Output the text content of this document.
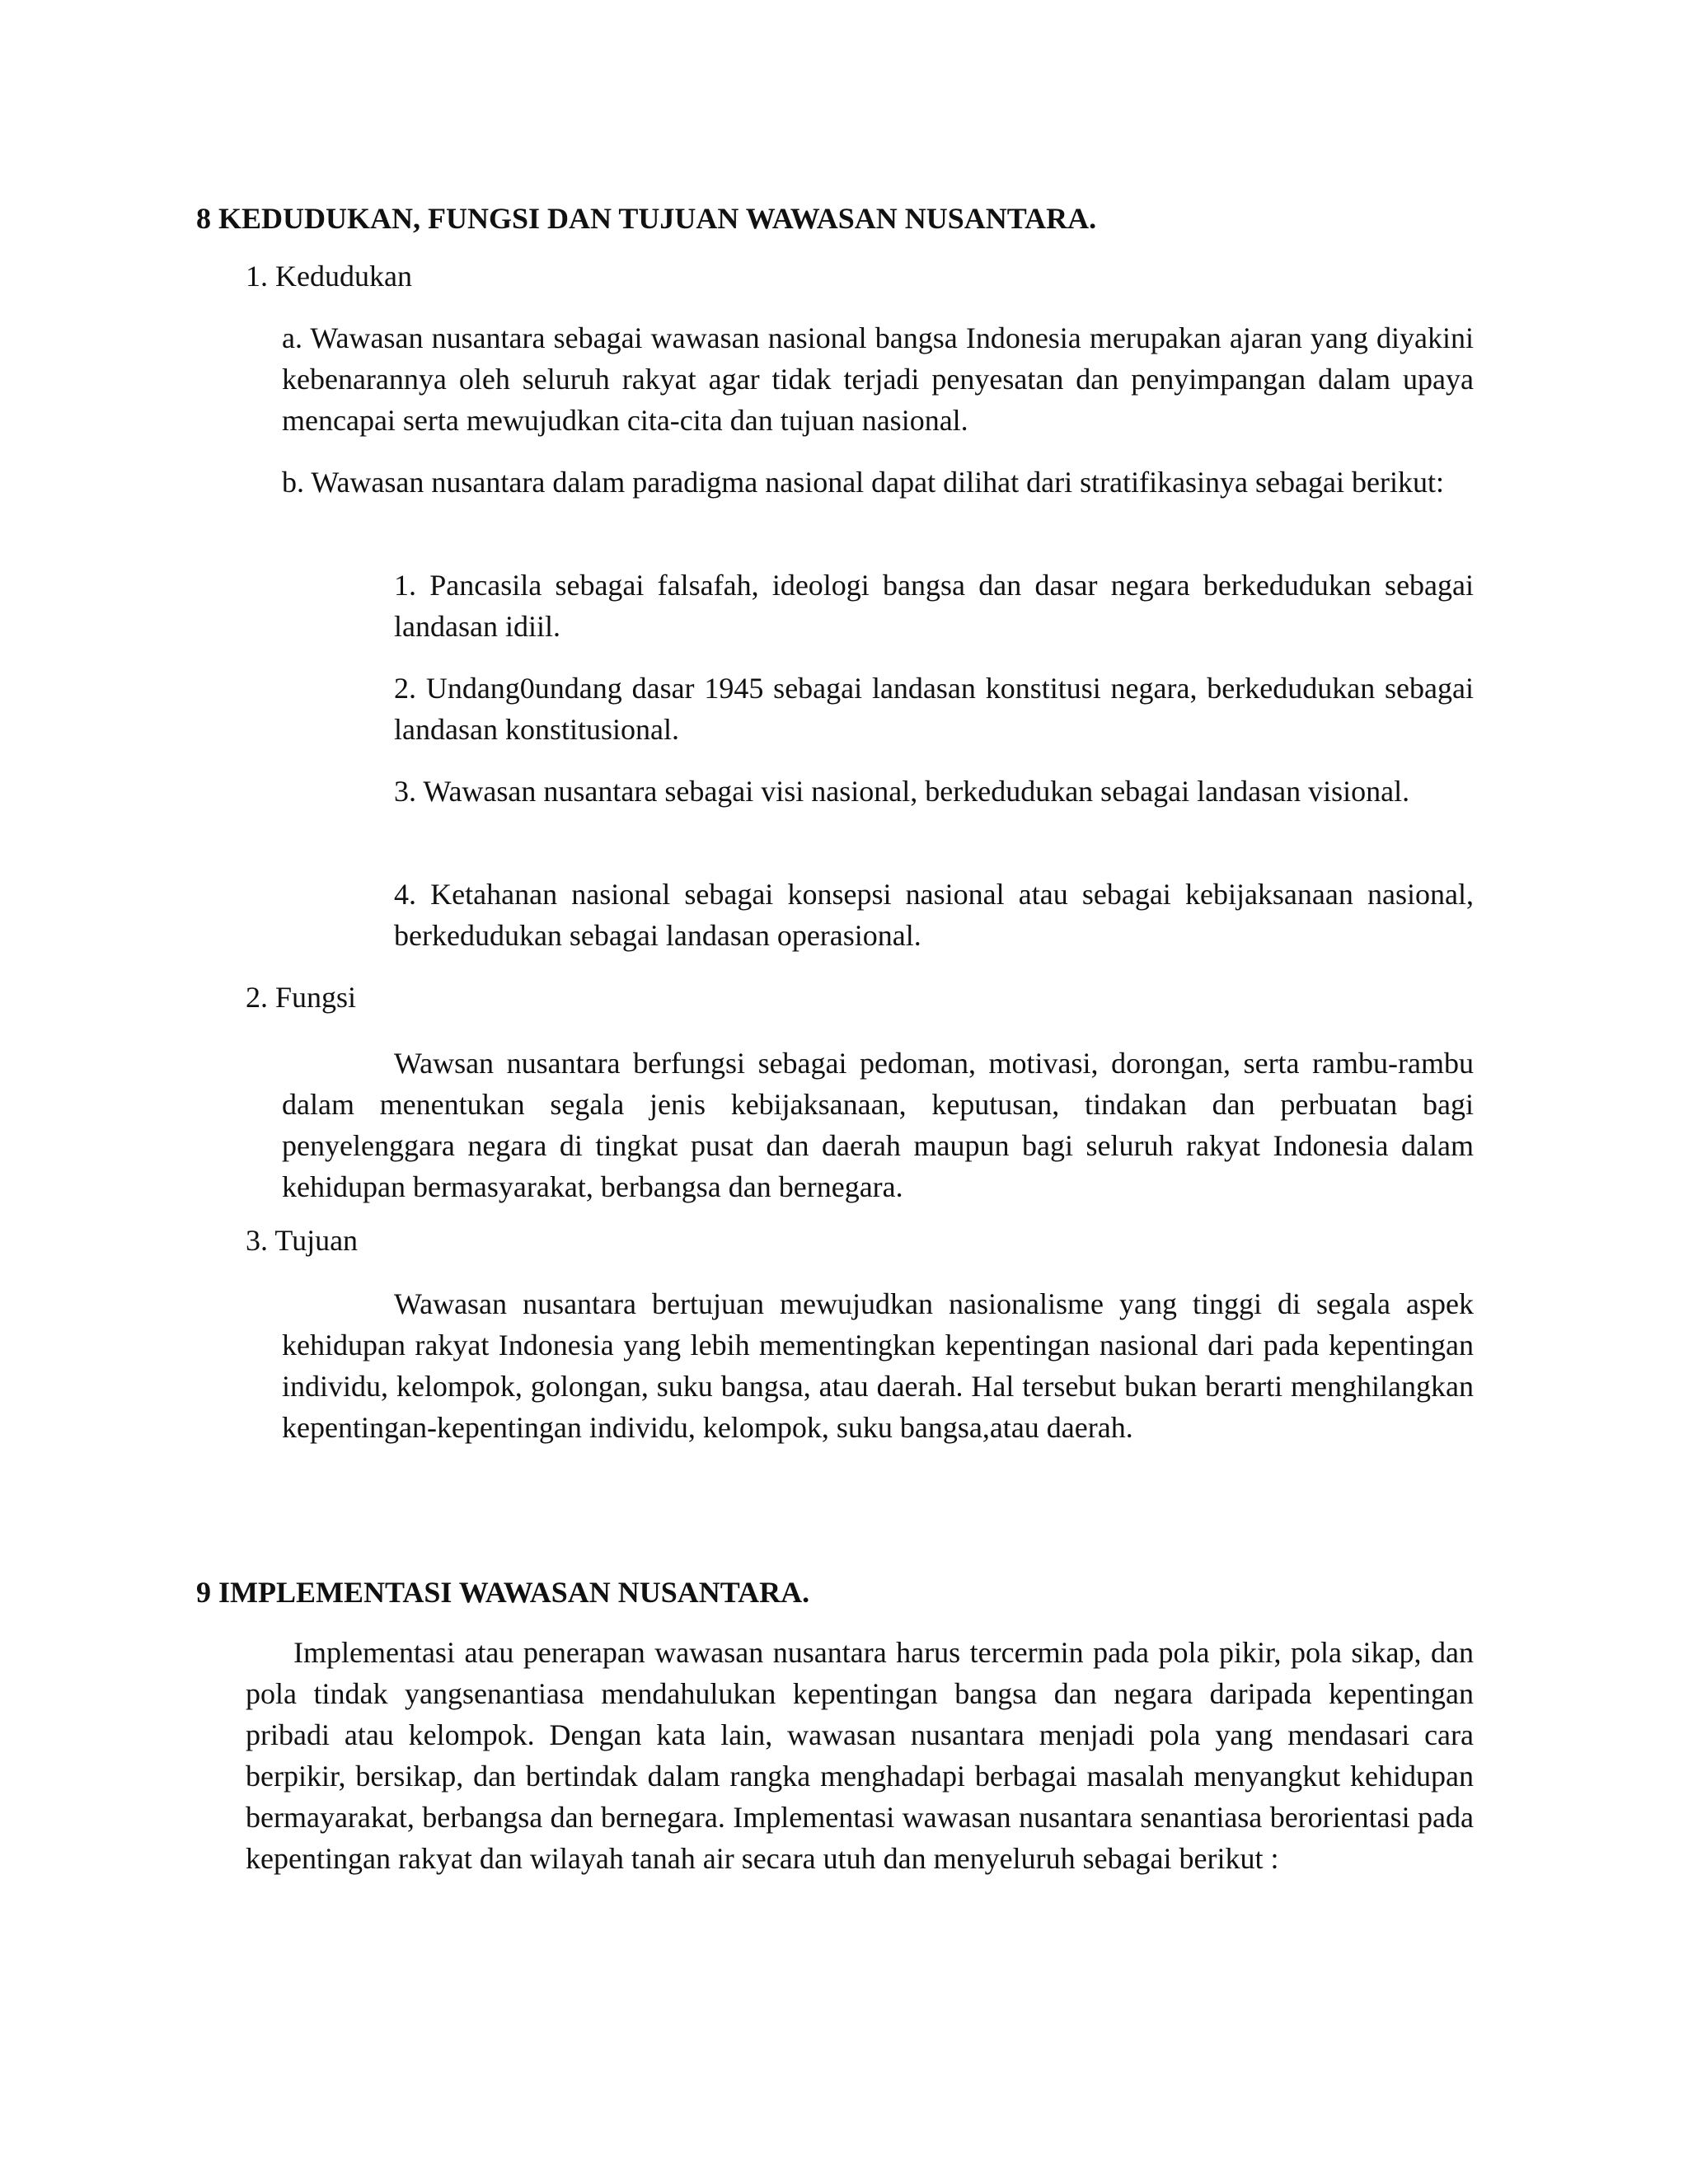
8 KEDUDUKAN, FUNGSI DAN TUJUAN WAWASAN NUSANTARA.

1. Kedudukan

a. Wawasan nusantara sebagai wawasan nasional bangsa Indonesia merupakan ajaran yang diyakini kebenarannya oleh seluruh rakyat agar tidak terjadi penyesatan dan penyimpangan dalam upaya mencapai serta mewujudkan cita-cita dan tujuan nasional.

b. Wawasan nusantara dalam paradigma nasional dapat dilihat dari stratifikasinya sebagai berikut:

1. Pancasila sebagai falsafah, ideologi bangsa dan dasar negara berkedudukan sebagai landasan idiil.

2. Undang0undang dasar 1945 sebagai landasan konstitusi negara, berkedudukan sebagai landasan konstitusional.

3. Wawasan nusantara sebagai visi nasional, berkedudukan sebagai landasan visional.

4. Ketahanan nasional sebagai konsepsi nasional atau sebagai kebijaksanaan nasional, berkedudukan sebagai landasan operasional.

2. Fungsi

Wawsan nusantara berfungsi sebagai pedoman, motivasi, dorongan, serta rambu-rambu dalam menentukan segala jenis kebijaksanaan, keputusan, tindakan dan perbuatan bagi penyelenggara negara di tingkat pusat dan daerah maupun bagi seluruh rakyat Indonesia dalam kehidupan bermasyarakat, berbangsa dan bernegara.

3. Tujuan

Wawasan nusantara bertujuan mewujudkan nasionalisme yang tinggi di segala aspek kehidupan rakyat Indonesia yang lebih mementingkan kepentingan nasional dari pada kepentingan individu, kelompok, golongan, suku bangsa, atau daerah. Hal tersebut bukan berarti menghilangkan kepentingan-kepentingan individu, kelompok, suku bangsa,atau daerah.

9 IMPLEMENTASI WAWASAN NUSANTARA.

Implementasi atau penerapan wawasan nusantara harus tercermin pada pola pikir, pola sikap, dan pola tindak yangsenantiasa mendahulukan kepentingan bangsa dan negara daripada kepentingan pribadi atau kelompok. Dengan kata lain, wawasan nusantara menjadi pola yang mendasari cara berpikir, bersikap, dan bertindak dalam rangka menghadapi berbagai masalah menyangkut kehidupan bermayarakat, berbangsa dan bernegara. Implementasi wawasan nusantara senantiasa berorientasi pada kepentingan rakyat dan wilayah tanah air secara utuh dan menyeluruh sebagai berikut :
